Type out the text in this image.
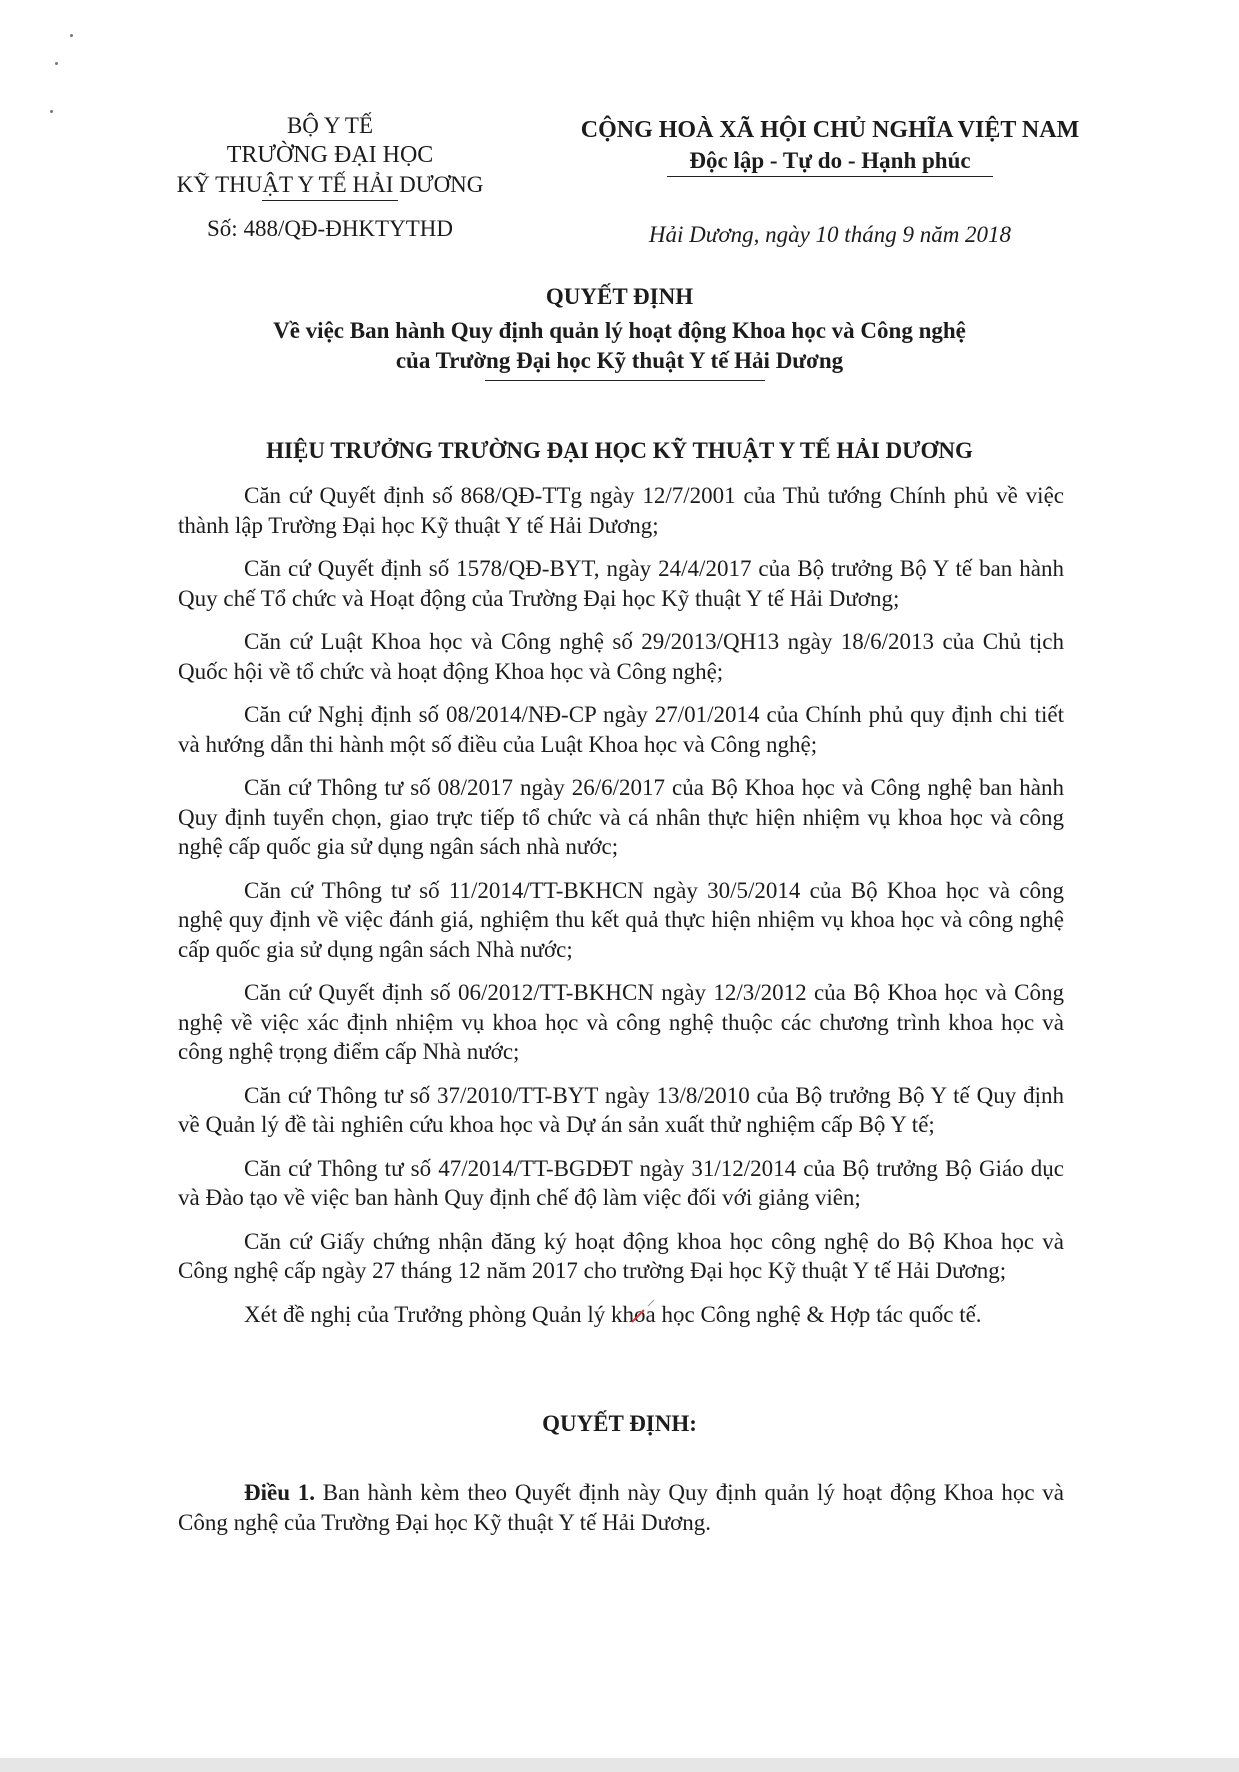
BỘ Y TẾ
TRƯỜNG ĐẠI HỌC
KỸ THUẬT Y TẾ HẢI DƯƠNG
Số: 488/QĐ-ĐHKTYTHD
CỘNG HOÀ XÃ HỘI CHỦ NGHĨA VIỆT NAM
Độc lập - Tự do - Hạnh phúc
Hải Dương, ngày 10 tháng 9 năm 2018
QUYẾT ĐỊNH
Về việc Ban hành Quy định quản lý hoạt động Khoa học và Công nghệ
của Trường Đại học Kỹ thuật Y tế Hải Dương
HIỆU TRƯỞNG TRƯỜNG ĐẠI HỌC KỸ THUẬT Y TẾ HẢI DƯƠNG

Căn cứ Quyết định số 868/QĐ-TTg ngày 12/7/2001 của Thủ tướng Chính phủ về việc thành lập Trường Đại học Kỹ thuật Y tế Hải Dương;

Căn cứ Quyết định số 1578/QĐ-BYT, ngày 24/4/2017 của Bộ trưởng Bộ Y tế ban hành Quy chế Tổ chức và Hoạt động của Trường Đại học Kỹ thuật Y tế Hải Dương;

Căn cứ Luật Khoa học và Công nghệ số 29/2013/QH13 ngày 18/6/2013 của Chủ tịch Quốc hội về tổ chức và hoạt động Khoa học và Công nghệ;

Căn cứ Nghị định số 08/2014/NĐ-CP ngày 27/01/2014 của Chính phủ quy định chi tiết và hướng dẫn thi hành một số điều của Luật Khoa học và Công nghệ;

Căn cứ Thông tư số 08/2017 ngày 26/6/2017 của Bộ Khoa học và Công nghệ ban hành Quy định tuyển chọn, giao trực tiếp tổ chức và cá nhân thực hiện nhiệm vụ khoa học và công nghệ cấp quốc gia sử dụng ngân sách nhà nước;

Căn cứ Thông tư số 11/2014/TT-BKHCN ngày 30/5/2014 của Bộ Khoa học và công nghệ quy định về việc đánh giá, nghiệm thu kết quả thực hiện nhiệm vụ khoa học và công nghệ cấp quốc gia sử dụng ngân sách Nhà nước;

Căn cứ Quyết định số 06/2012/TT-BKHCN ngày 12/3/2012 của Bộ Khoa học và Công nghệ về việc xác định nhiệm vụ khoa học và công nghệ thuộc các chương trình khoa học và công nghệ trọng điểm cấp Nhà nước;

Căn cứ Thông tư số 37/2010/TT-BYT ngày 13/8/2010 của Bộ trưởng Bộ Y tế Quy định về Quản lý đề tài nghiên cứu khoa học và Dự án sản xuất thử nghiệm cấp Bộ Y tế;

Căn cứ Thông tư số 47/2014/TT-BGDĐT ngày 31/12/2014 của Bộ trưởng Bộ Giáo dục và Đào tạo về việc ban hành Quy định chế độ làm việc đối với giảng viên;

Căn cứ Giấy chứng nhận đăng ký hoạt động khoa học công nghệ do Bộ Khoa học và Công nghệ cấp ngày 27 tháng 12 năm 2017 cho trường Đại học Kỹ thuật Y tế Hải Dương;

Xét đề nghị của Trưởng phòng Quản lý khoa học Công nghệ & Hợp tác quốc tế.

QUYẾT ĐỊNH:

Điều 1. Ban hành kèm theo Quyết định này Quy định quản lý hoạt động Khoa học và Công nghệ của Trường Đại học Kỹ thuật Y tế Hải Dương.
